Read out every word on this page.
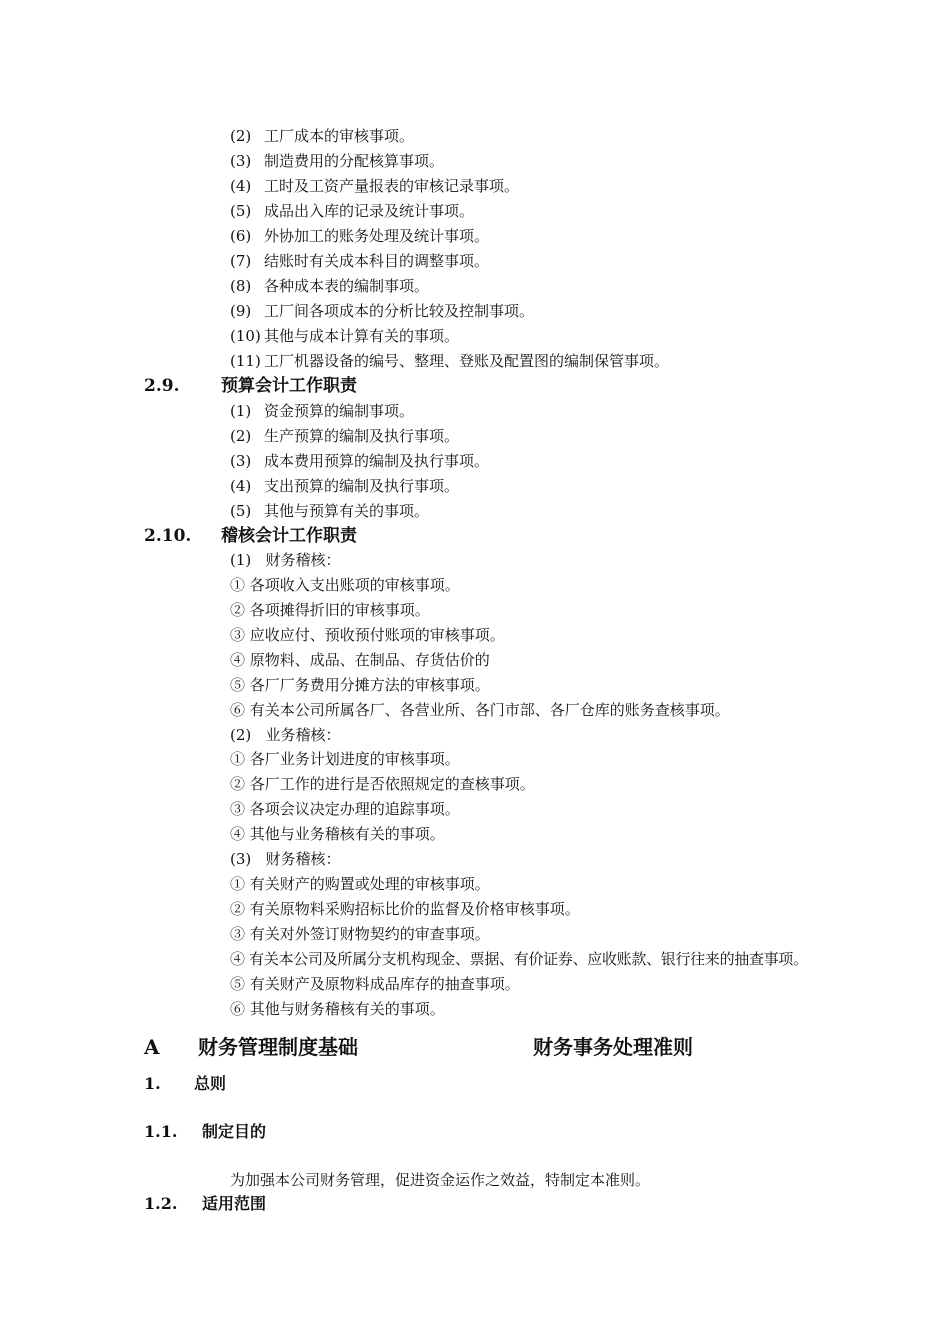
(2) 工厂成本的审核事项。
(3) 制造费用的分配核算事项。
(4) 工时及工资产量报表的审核记录事项。
(5) 成品出入库的记录及统计事项。
(6) 外协加工的账务处理及统计事项。
(7) 结账时有关成本科目的调整事项。
(8) 各种成本表的编制事项。
(9) 工厂间各项成本的分析比较及控制事项。
(10) 其他与成本计算有关的事项。
(11) 工厂机器设备的编号、整理、登账及配置图的编制保管事项。
2.9. 预算会计工作职责
(1) 资金预算的编制事项。
(2) 生产预算的编制及执行事项。
(3) 成本费用预算的编制及执行事项。
(4) 支出预算的编制及执行事项。
(5) 其他与预算有关的事项。
2.10. 稽核会计工作职责
(1)   财务稽核：
① 各项收入支出账项的审核事项。
② 各项摊得折旧的审核事项。
③ 应收应付、预收预付账项的审核事项。
④ 原物料、成品、在制品、存货估价的
⑤ 各厂厂务费用分摊方法的审核事项。
⑥ 有关本公司所属各厂、各营业所、各门市部、各厂仓库的账务查核事项。
(2)   业务稽核：
① 各厂业务计划进度的审核事项。
② 各厂工作的进行是否依照规定的查核事项。
③ 各项会议决定办理的追踪事项。
④ 其他与业务稽核有关的事项。
(3)   财务稽核：
① 有关财产的购置或处理的审核事项。
② 有关原物料采购招标比价的监督及价格审核事项。
③ 有关对外签订财物契约的审查事项。
④ 有关本公司及所属分支机构现金、票据、有价证券、应收账款、银行往来的抽查事项。
⑤ 有关财产及原物料成品库存的抽查事项。
⑥ 其他与财务稽核有关的事项。
A 财务管理制度基础	财务事务处理准则
1. 总则
1.1. 制定目的
为加强本公司财务管理，促进资金运作之效益，特制定本准则。
1.2. 适用范围
